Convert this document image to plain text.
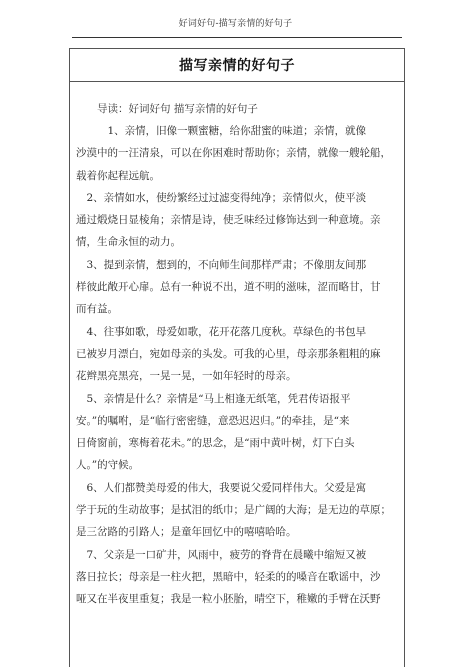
好词好句-描写亲情的好句子
描写亲情的好句子

导读：好词好句 描写亲情的好句子

　　　1、亲情，旧像一颗蜜糖，给你甜蜜的味道；亲情，就像
沙漠中的一汪清泉，可以在你困难时帮助你；亲情，就像一艘轮船，
载着你起程远航。

　2、亲情如水，使纷繁经过过滤变得纯净；亲情似火，使平淡
通过煅烧日显棱角；亲情是诗，使乏味经过修饰达到一种意境。亲
情，生命永恒的动力。

　3、提到亲情，想到的，不向师生间那样严肃；不像朋友间那
样彼此敞开心扉。总有一种说不出，道不明的滋味，涩而略甘，甘
而有益。

　4、往事如歌，母爱如歌，花开花落几度秋。草绿色的书包早
已被岁月漂白，宛如母亲的头发。可我的心里，母亲那条粗粗的麻
花辫黑亮黑亮，一晃一晃，一如年轻时的母亲。

　5、亲情是什么？亲情是“马上相逢无纸笔，凭君传语报平
安。”的嘱咐，是“临行密密缝，意恐迟迟归。”的牵挂，是“来
日倚窗前，寒梅着花未。”的思念，是“雨中黄叶树，灯下白头
人。”的守候。

　6、人们都赞美母爱的伟大，我要说父爱同样伟大。父爱是寓
学于玩的生动故事；是拭泪的纸巾；是广阔的大海；是无边的草原；
是三岔路的引路人；是童年回忆中的嘻嘻哈哈。

　7、父亲是一口矿井，风雨中，疲劳的脊背在晨曦中缩短又被
落日拉长；母亲是一柱火把，黑暗中，轻柔的的嗓音在歌谣中，沙
哑又在半夜里重复；我是一粒小胚胎，晴空下，稚嫩的手臂在沃野
